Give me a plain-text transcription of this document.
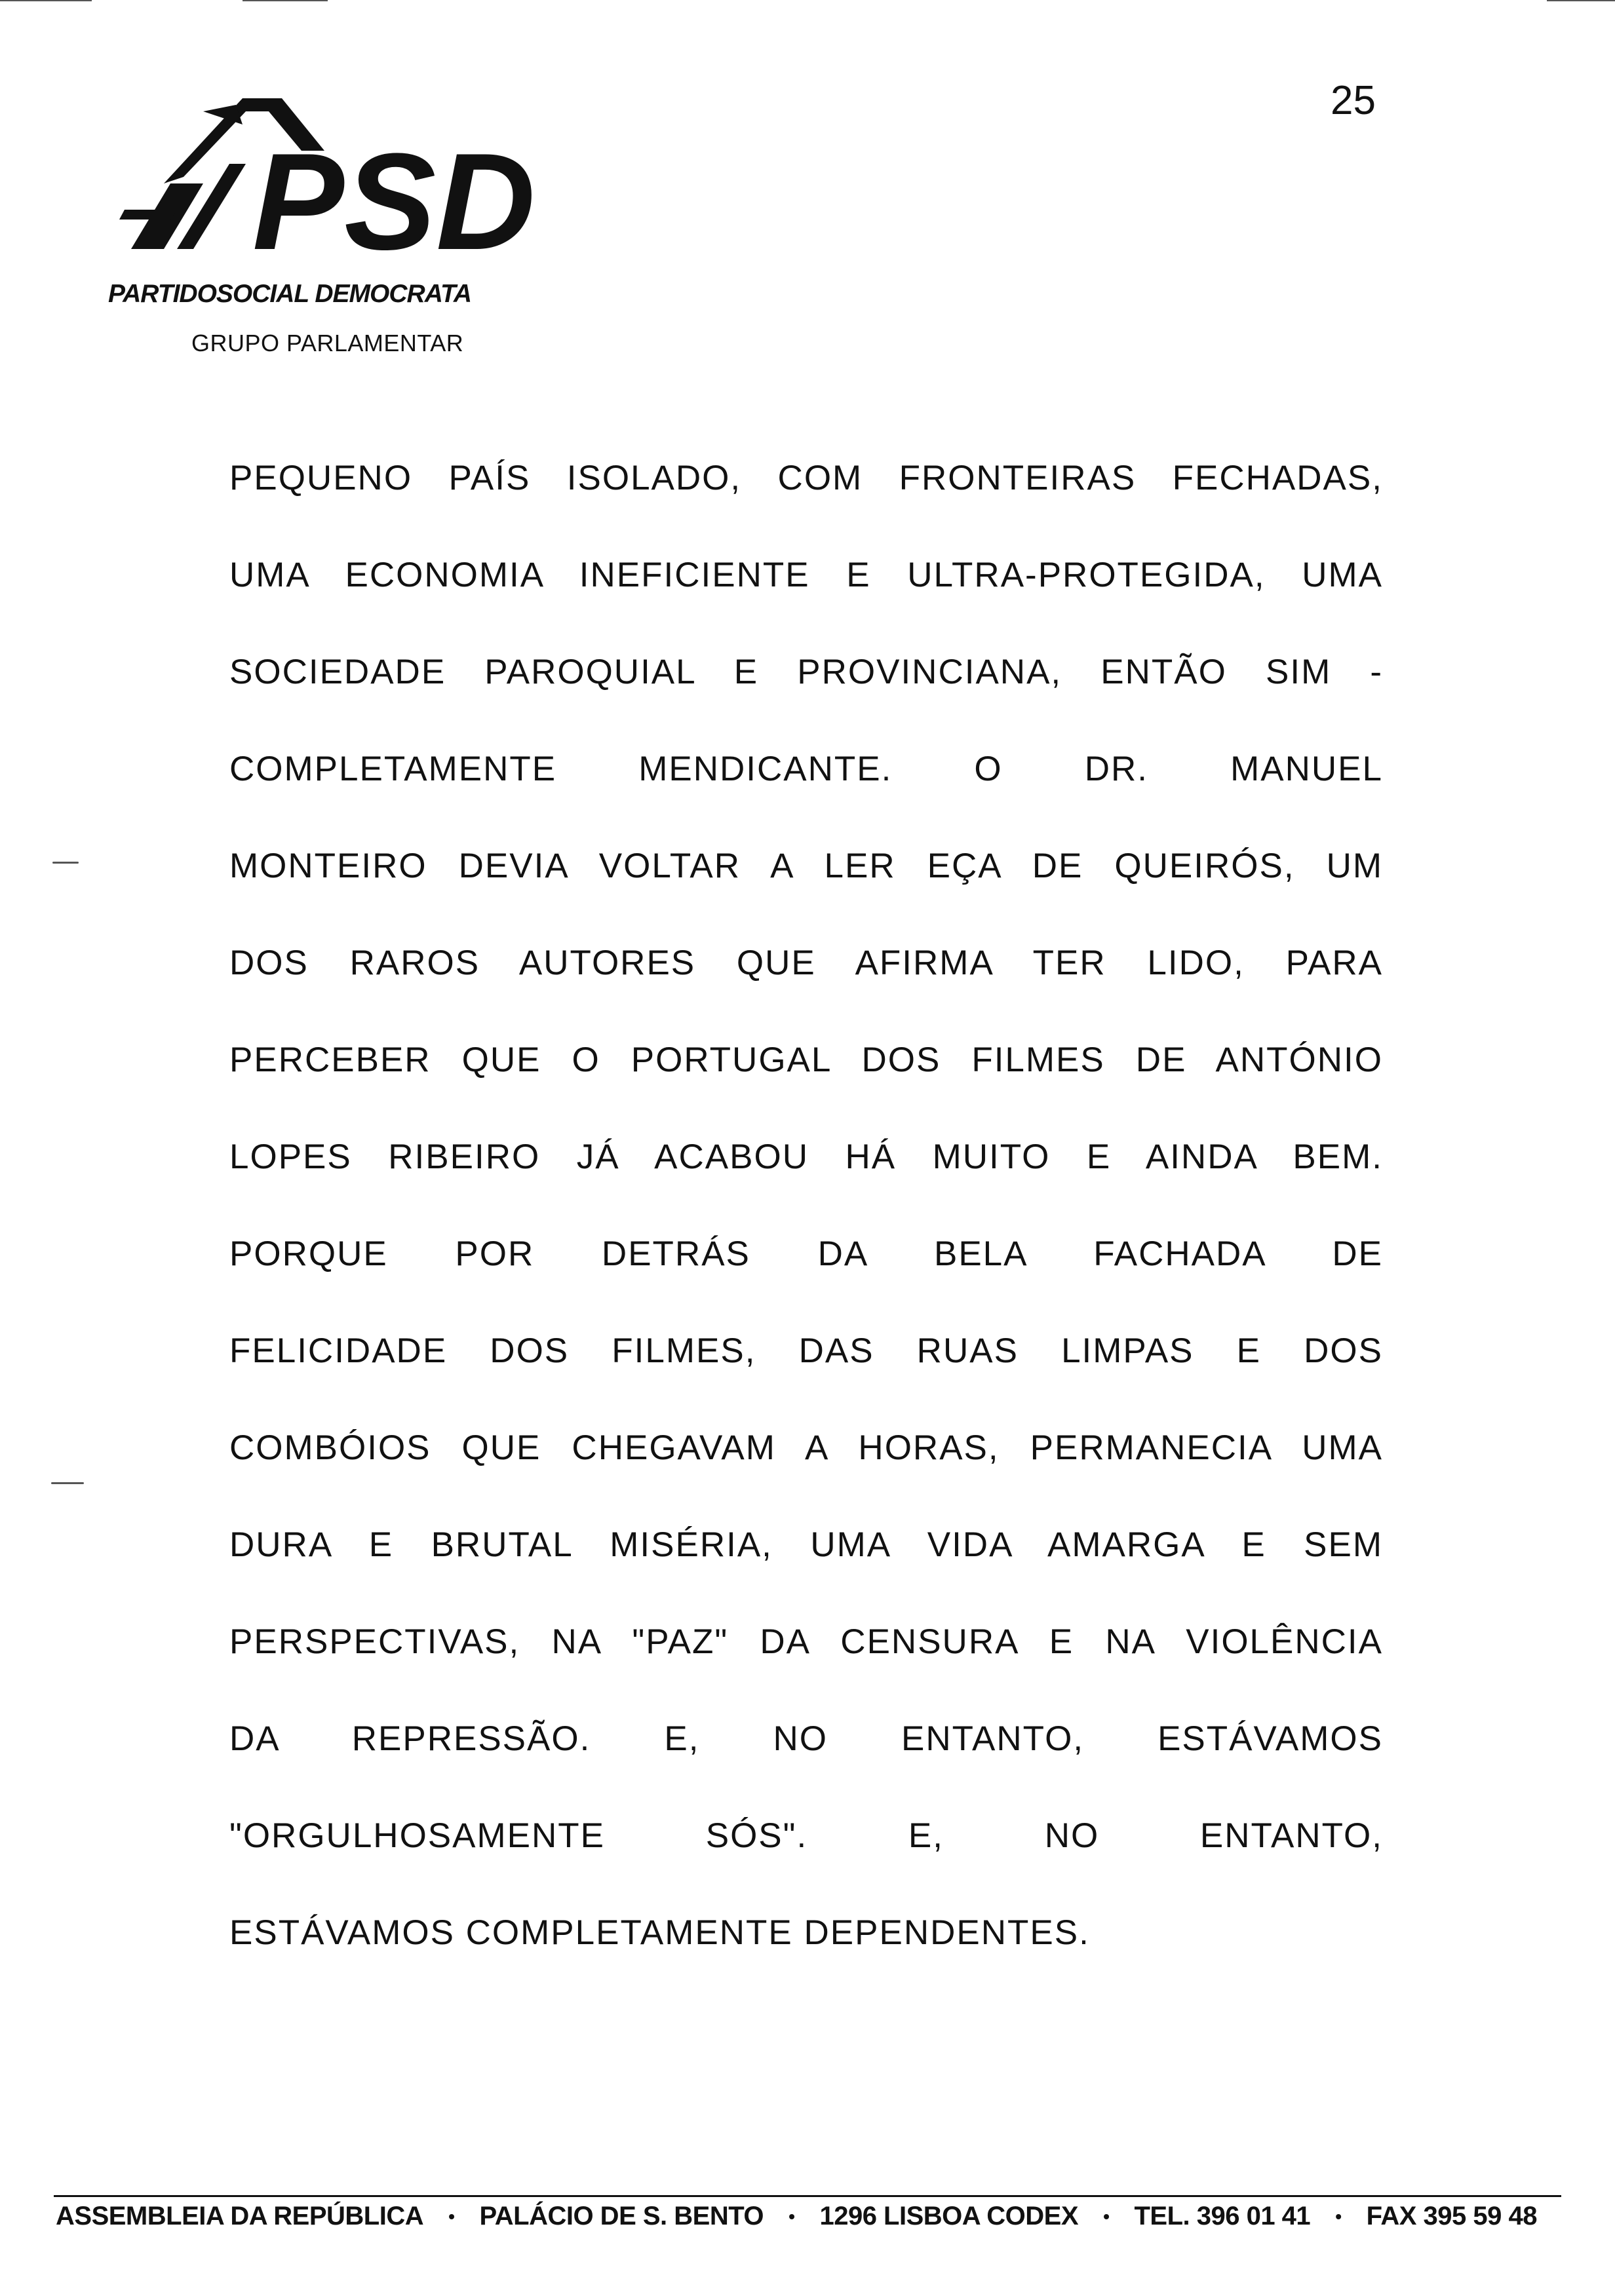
25
PSD
PARTIDOSOCIAL DEMOCRATA
GRUPO PARLAMENTAR
PEQUENO PAÍS ISOLADO, COM FRONTEIRAS FECHADAS,
UMA ECONOMIA INEFICIENTE E ULTRA-PROTEGIDA, UMA
SOCIEDADE PAROQUIAL E PROVINCIANA, ENTÃO SIM -
COMPLETAMENTE MENDICANTE. O DR. MANUEL
MONTEIRO DEVIA VOLTAR A LER EÇA DE QUEIRÓS, UM
DOS RAROS AUTORES QUE AFIRMA TER LIDO, PARA
PERCEBER QUE O PORTUGAL DOS FILMES DE ANTÓNIO
LOPES RIBEIRO JÁ ACABOU HÁ MUITO E AINDA BEM.
PORQUE POR DETRÁS DA BELA FACHADA DE
FELICIDADE DOS FILMES, DAS RUAS LIMPAS E DOS
COMBÓIOS QUE CHEGAVAM A HORAS, PERMANECIA UMA
DURA E BRUTAL MISÉRIA, UMA VIDA AMARGA E SEM
PERSPECTIVAS, NA "PAZ" DA CENSURA E NA VIOLÊNCIA
DA REPRESSÃO. E, NO ENTANTO, ESTÁVAMOS
"ORGULHOSAMENTE SÓS". E, NO ENTANTO,
ESTÁVAMOS COMPLETAMENTE DEPENDENTES.
ASSEMBLEIA DA REPÚBLICA • PALÁCIO DE S. BENTO • 1296 LISBOA CODEX • TEL. 396 01 41 • FAX 395 59 48
